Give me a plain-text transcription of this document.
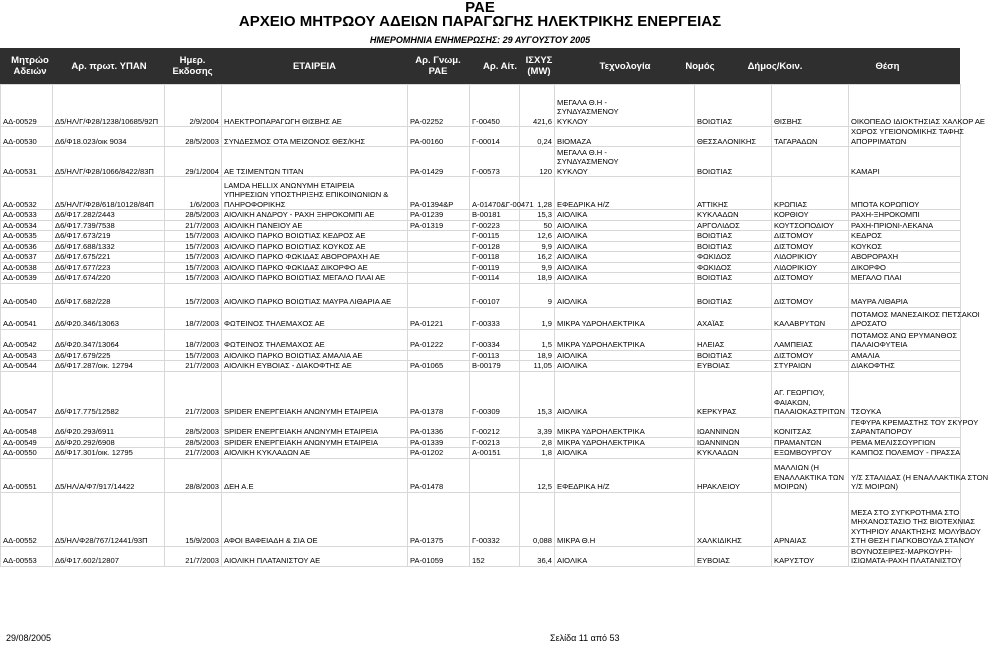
ΡΑΕ
ΑΡΧΕΙΟ ΜΗΤΡΩΟΥ ΑΔΕΙΩΝ ΠΑΡΑΓΩΓΗΣ ΗΛΕΚΤΡΙΚΗΣ ΕΝΕΡΓΕΙΑΣ
ΗΜΕΡΟΜΗΝΙΑ ΕΝΗΜΕΡΩΣΗΣ: 29 ΑΥΓΟΥΣΤΟΥ 2005
Μητρώο Αδειών	Αρ. πρωτ. ΥΠΑΝ
Ημερ. Εκδοσης	ΕΤΑΙΡΕΙΑ
Αρ. Γνωμ. ΡΑΕ	Αρ. Αίτ.
ΙΣΧΥΣ (MW)	Τεχνολογία	Νομός	Δήμος/Κοιν.	Θέση
ΑΔ-00529	Δ5/ΗΛ/Γ/Φ28/1238/10685/92Π	2/9/2004	ΗΛΕΚΤΡΟΠΑΡΑΓΩΓΗ ΘΙΣΒΗΣ ΑΕ	ΡΑ-02252	Γ-00450	421,6	ΜΕΓΑΛΑ Θ.Η -
ΣΥΝΔΥΑΣΜΕΝΟΥ
ΚΥΚΛΟΥ	ΒΟΙΩΤΙΑΣ	ΘΙΣΒΗΣ	ΟΙΚΟΠΕΔΟ ΙΔΙΟΚΤΗΣΙΑΣ ΧΑΛΚΟΡ ΑΕ
ΑΔ-00530	Δ6/Φ18.023/οικ 9034	28/5/2003	ΣΥΝΔΕΣΜΟΣ ΟΤΑ ΜΕΙΖΟΝΟΣ ΘΕΣ/ΚΗΣ	ΡΑ-00160	Γ-00014	0,24	ΒΙΟΜΑΖΑ	ΘΕΣΣΑΛΟΝΙΚΗΣ	ΤΑΓΑΡΑΔΩΝ	ΧΩΡΟΣ ΥΓΕΙΟΝΟΜΙΚΗΣ ΤΑΦΗΣ
ΑΠΟΡΡΙΜΑΤΩΝ
ΑΔ-00531	Δ5/ΗΛ/Γ/Φ28/1066/8422/83Π	29/1/2004	ΑΕ ΤΣΙΜΕΝΤΩΝ ΤΙΤΑΝ	ΡΑ-01429	Γ-00573	120	ΜΕΓΑΛΑ Θ.Η -
ΣΥΝΔΥΑΣΜΕΝΟΥ
ΚΥΚΛΟΥ	ΒΟΙΩΤΙΑΣ		ΚΑΜΑΡΙ
ΑΔ-00532	Δ5/ΗΛ/Γ/Φ28/618/10128/84Π	1/6/2003	LAMDA HELLIX ΑΝΩΝΥΜΗ ΕΤΑΙΡΕΙΑ
ΥΠΗΡΕΣΙΩΝ ΥΠΟΣΤΗΡΙΞΗΣ ΕΠΙΚΟΙΝΩΝΙΩΝ &
ΠΛΗΡΟΦΟΡΙΚΗΣ	ΡΑ-01394&Ρ	Α-01470&Γ-00471	1,28	ΕΦΕΔΡΙΚΑ Η/Ζ	ΑΤΤΙΚΗΣ	ΚΡΩΠΙΑΣ	ΜΠΟΤΑ ΚΟΡΩΠΙΟΥ
ΑΔ-00533	Δ6/Φ17.282/2443	28/5/2003	ΑΙΟΛΙΚΗ ΑΝΔΡΟΥ - ΡΑΧΗ ΞΗΡΟΚΟΜΠΙ ΑΕ	ΡΑ-01239	Β-00181	15,3	ΑΙΟΛΙΚΑ	ΚΥΚΛΑΔΩΝ	ΚΟΡΘΙΟΥ	ΡΑΧΗ-ΞΗΡΟΚΟΜΠΙ
ΑΔ-00534	Δ6/Φ17.739/7538	21/7/2003	ΑΙΟΛΙΚΗ ΠΑΝΕΙΟΥ ΑΕ	ΡΑ-01319	Γ-00223	50	ΑΙΟΛΙΚΑ	ΑΡΓΟΛΙΔΟΣ	ΚΟΥΤΣΟΠΟΔΙΟΥ	ΡΑΧΗ-ΠΡΙΟΝΙ-ΛΕΚΑΝΑ
ΑΔ-00535	Δ6/Φ17.673/219	15/7/2003	ΑΙΟΛΙΚΟ ΠΑΡΚΟ ΒΟΙΩΤΙΑΣ ΚΕΔΡΟΣ ΑΕ		Γ-00115	12,6	ΑΙΟΛΙΚΑ	ΒΟΙΩΤΙΑΣ	ΔΙΣΤΟΜΟΥ	ΚΕΔΡΟΣ
ΑΔ-00536	Δ6/Φ17.688/1332	15/7/2003	ΑΙΟΛΙΚΟ ΠΑΡΚΟ ΒΟΙΩΤΙΑΣ ΚΟΥΚΟΣ ΑΕ		Γ-00128	9,9	ΑΙΟΛΙΚΑ	ΒΟΙΩΤΙΑΣ	ΔΙΣΤΟΜΟΥ	ΚΟΥΚΟΣ
ΑΔ-00537	Δ6/Φ17.675/221	15/7/2003	ΑΙΟΛΙΚΟ ΠΑΡΚΟ ΦΩΚΙΔΑΣ ΑΒΟΡΟΡΑΧΗ ΑΕ		Γ-00118	16,2	ΑΙΟΛΙΚΑ	ΦΩΚΙΔΟΣ	ΛΙΔΟΡΙΚΙΟΥ	ΑΒΟΡΟΡΑΧΗ
ΑΔ-00538	Δ6/Φ17.677/223	15/7/2003	ΑΙΟΛΙΚΟ ΠΑΡΚΟ ΦΩΚΙΔΑΣ ΔΙΚΟΡΦΟ ΑΕ		Γ-00119	9,9	ΑΙΟΛΙΚΑ	ΦΩΚΙΔΟΣ	ΛΙΔΟΡΙΚΙΟΥ	ΔΙΚΟΡΦΟ
ΑΔ-00539	Δ6/Φ17.674/220	15/7/2003	ΑΙΟΛΙΚΟ ΠΑΡΚΟ ΒΟΙΩΤΙΑΣ ΜΕΓΑΛΟ ΠΛΑΙ ΑΕ		Γ-00114	18,9	ΑΙΟΛΙΚΑ	ΒΟΙΩΤΙΑΣ	ΔΙΣΤΟΜΟΥ	ΜΕΓΑΛΟ ΠΛΑΙ
ΑΔ-00540	Δ6/Φ17.682/228	15/7/2003	ΑΙΟΛΙΚΟ ΠΑΡΚΟ ΒΟΙΩΤΙΑΣ ΜΑΥΡΑ ΛΙΘΑΡΙΑ ΑΕ		Γ-00107	9	ΑΙΟΛΙΚΑ	ΒΟΙΩΤΙΑΣ	ΔΙΣΤΟΜΟΥ	ΜΑΥΡΑ ΛΙΘΑΡΙΑ
ΑΔ-00541	Δ6/Φ20.346/13063	18/7/2003	ΦΩΤΕΙΝΟΣ ΤΗΛΕΜΑΧΟΣ ΑΕ	ΡΑ-01221	Γ-00333	1,9	ΜΙΚΡΑ ΥΔΡΟΗΛΕΚΤΡΙΚΑ	ΑΧΑΪΑΣ	ΚΑΛΑΒΡΥΤΩΝ	ΠΟΤΑΜΟΣ ΜΑΝΕΣΑΙΚΟΣ ΠΕΤΣΑΚΟΙ
ΔΡΟΣΑΤΟ
ΑΔ-00542	Δ6/Φ20.347/13064	18/7/2003	ΦΩΤΕΙΝΟΣ ΤΗΛΕΜΑΧΟΣ ΑΕ	ΡΑ-01222	Γ-00334	1,5	ΜΙΚΡΑ ΥΔΡΟΗΛΕΚΤΡΙΚΑ	ΗΛΕΙΑΣ	ΛΑΜΠΕΙΑΣ	ΠΟΤΑΜΟΣ ΑΝΩ ΕΡΥΜΑΝΘΟΣ
ΠΑΛΑΙΟΦΥΤΕΙΑ
ΑΔ-00543	Δ6/Φ17.679/225	15/7/2003	ΑΙΟΛΙΚΟ ΠΑΡΚΟ ΒΟΙΩΤΙΑΣ ΑΜΑΛΙΑ ΑΕ		Γ-00113	18,9	ΑΙΟΛΙΚΑ	ΒΟΙΩΤΙΑΣ	ΔΙΣΤΟΜΟΥ	ΑΜΑΛΙΑ
ΑΔ-00544	Δ6/Φ17.287/οικ. 12794	21/7/2003	ΑΙΟΛΙΚΗ ΕΥΒΟΙΑΣ - ΔΙΑΚΟΦΤΗΣ ΑΕ	ΡΑ-01065	Β-00179	11,05	ΑΙΟΛΙΚΑ	ΕΥΒΟΙΑΣ	ΣΤΥΡΑΙΩΝ	ΔΙΑΚΟΦΤΗΣ
ΑΔ-00547	Δ6/Φ17.775/12582	21/7/2003	SPIDER ΕΝΕΡΓΕΙΑΚΗ ΑΝΩΝΥΜΗ ΕΤΑΙΡΕΙΑ	ΡΑ-01378	Γ-00309	15,3	ΑΙΟΛΙΚΑ	ΚΕΡΚΥΡΑΣ	ΑΓ. ΓΕΩΡΓΙΟΥ,
ΦΑΙΑΚΩΝ,
ΠΑΛΑΙΟΚΑΣΤΡΙΤΩΝ	ΤΣΟΥΚΑ
ΑΔ-00548	Δ6/Φ20.293/6911	28/5/2003	SPIDER ΕΝΕΡΓΕΙΑΚΗ ΑΝΩΝΥΜΗ ΕΤΑΙΡΕΙΑ	ΡΑ-01336	Γ-00212	3,39	ΜΙΚΡΑ ΥΔΡΟΗΛΕΚΤΡΙΚΑ	ΙΩΑΝΝΙΝΩΝ	ΚΟΝΙΤΣΑΣ	ΓΕΦΥΡΑ ΚΡΕΜΑΣΤΗΣ ΤΟΥ ΣΚΥΡΟΥ
ΣΑΡΑΝΤΑΠΟΡΟΥ
ΑΔ-00549	Δ6/Φ20.292/6908	28/5/2003	SPIDER ΕΝΕΡΓΕΙΑΚΗ ΑΝΩΝΥΜΗ ΕΤΑΙΡΕΙΑ	ΡΑ-01339	Γ-00213	2,8	ΜΙΚΡΑ ΥΔΡΟΗΛΕΚΤΡΙΚΑ	ΙΩΑΝΝΙΝΩΝ	ΠΡΑΜΑΝΤΩΝ	ΡΕΜΑ ΜΕΛΙΣΣΟΥΡΓΙΩΝ
ΑΔ-00550	Δ6/Φ17.301/οικ. 12795	21/7/2003	ΑΙΟΛΙΚΗ ΚΥΚΛΑΔΩΝ ΑΕ	ΡΑ-01202	Α-00151	1,8	ΑΙΟΛΙΚΑ	ΚΥΚΛΑΔΩΝ	ΕΞΩΜΒΟΥΡΓΟΥ	ΚΑΜΠΟΣ ΠΟΛΕΜΟΥ - ΠΡΑΣΣΑ
ΑΔ-00551	Δ5/ΗΛ/Α/Φ7/917/14422	28/8/2003	ΔΕΗ Α.Ε	ΡΑ-01478		12,5	ΕΦΕΔΡΙΚΑ Η/Ζ	ΗΡΑΚΛΕΙΟΥ	ΜΑΛΛΙΩΝ (Η
ΕΝΑΛΛΑΚΤΙΚΑ ΤΩΝ
ΜΟΙΡΩΝ)	Υ/Σ ΣΤΑΛΙΔΑΣ (Η ΕΝΑΛΛΑΚΤΙΚΑ ΣΤΟΝ
Υ/Σ ΜΟΙΡΩΝ)
ΑΔ-00552	Δ5/ΗΛ/Φ28/767/12441/93Π	15/9/2003	ΑΦΟΙ ΒΑΦΕΙΑΔΗ & ΣΙΑ ΟΕ	ΡΑ-01375	Γ-00332	0,088	ΜΙΚΡΑ Θ.Η	ΧΑΛΚΙΔΙΚΗΣ	ΑΡΝΑΙΑΣ	ΜΕΣΑ ΣΤΟ ΣΥΓΚΡΟΤΗΜΑ ΣΤΟ
ΜΗΧΑΝΟΣΤΑΣΙΟ ΤΗΣ ΒΙΟΤΕΧΝΙΑΣ
ΧΥΤΗΡΙΟΥ ΑΝΑΚΤΗΣΗΣ ΜΟΛΥΒΔΟΥ
ΣΤΗ ΘΕΣΗ ΓΙΑΓΚΟΒΟΥΔΑ ΣΤΑΝΟΥ
ΑΔ-00553	Δ6/Φ17.602/12807	21/7/2003	ΑΙΟΛΙΚΗ ΠΛΑΤΑΝΙΣΤΟΥ ΑΕ	ΡΑ-01059	152	36,4	ΑΙΟΛΙΚΑ	ΕΥΒΟΙΑΣ	ΚΑΡΥΣΤΟΥ	ΒΟΥΝΟΣΕΙΡΕΣ-ΜΑΡΚΟΥΡΗ-
ΙΣΙΩΜΑΤΑ-ΡΑΧΗ ΠΛΑΤΑΝΙΣΤΟΥ
29/08/2005	Σελίδα 11 από 53
